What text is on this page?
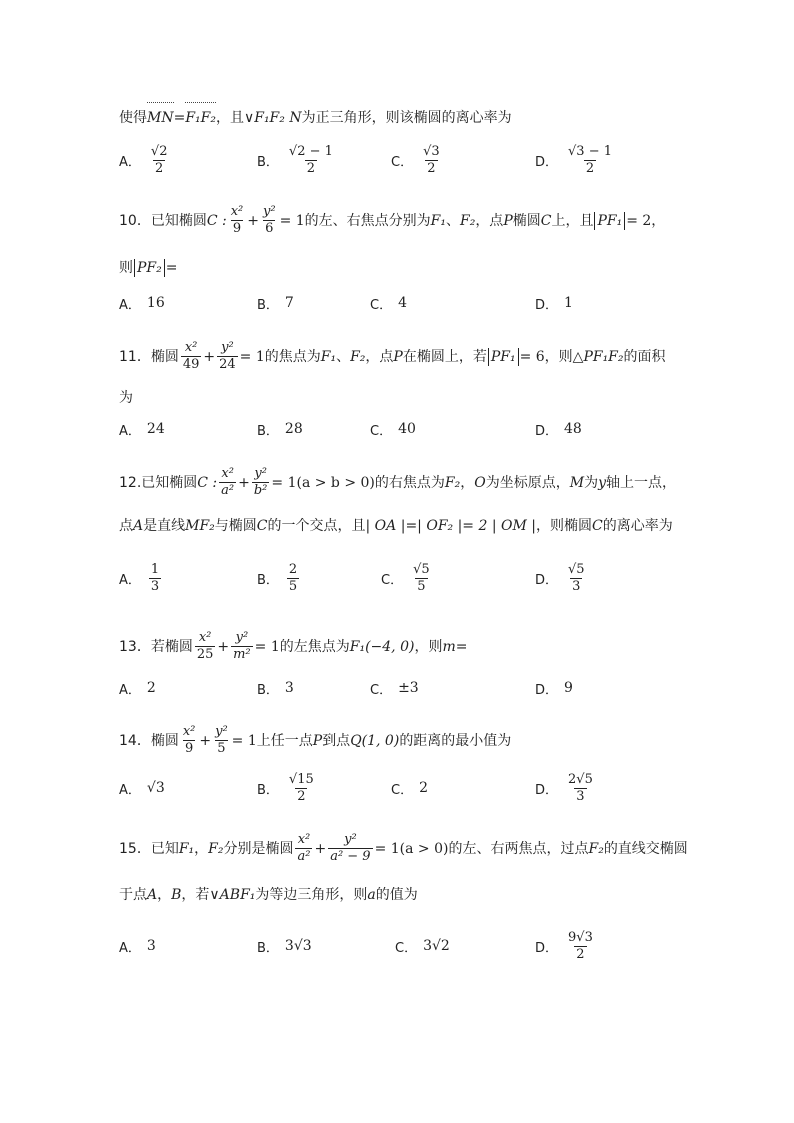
使得 MN = F₁F₂ ，且 ∨F₁F₂ N 为正三角形，则该椭圆的离心率为
A． $\frac{√2}{2}$	B． $\frac{√2 - 1}{2}$	C． $\frac{√3}{2}$	D． $\frac{√3 - 1}{2}$
10．已知椭圆 C : $\frac{\text{x²}}{9} + \frac{\text{y²}}{6} = 1$ 的左、右焦点分别为 F₁ 、 F₂ ，点 P 椭圆 C 上，且 PF₁ = 2，
则 PF₂ =
A． 16	B． 7	C． 4	D． 1
11．椭圆 $\frac{\text{x²}}{49} + \frac{\text{y²}}{24} = 1$ 的焦点为 F₁ 、 F₂ ，点 P 在椭圆上，若 PF₁ = 6，则 △PF₁F₂ 的面积
为
A． 24	B． 28	C． 40	D． 48
12.已知椭圆 C : $\frac{\text{x²}}{\text{a²}} + \frac{\text{y²}}{\text{b²}} = 1(a > b > 0)$ 的右焦点为 F₂ ， O 为坐标原点， M 为 y 轴上一点，
点 A 是直线 MF₂ 与椭圆 C 的一个交点，且 | OA |=| OF₂ |= 2 | OM | ，则椭圆 C 的离心率为
A． $\frac{1}{3}$	B． $\frac{2}{5}$	C． $\frac{√5}{5}$	D． $\frac{√5}{3}$
13．若椭圆 $\frac{\text{x²}}{25} + \frac{\text{y²}}{\text{m²}} = 1$ 的左焦点为 F₁(−4, 0) ，则 m =
A． 2	B． 3	C． ±3	D． 9
14．椭圆 $\frac{\text{x²}}{9} + \frac{\text{y²}}{5} = 1$ 上任一点 P 到点 Q(1, 0) 的距离的最小值为
A． √3	B． $\frac{√15}{2}$	C． 2	D． $\frac{2√5}{3}$
15．已知 F₁ ， F₂ 分别是椭圆 $\frac{\text{x²}}{\text{a²}} + \frac{\text{y²}}{\text{a² − 9}} = 1(a > 0)$ 的左、右两焦点，过点 F₂ 的直线交椭圆
于点 A ， B ，若 ∨ABF₁ 为等边三角形，则 a 的值为
A． 3	B． 3√3	C． 3√2	D． $\frac{9√3}{2}$
